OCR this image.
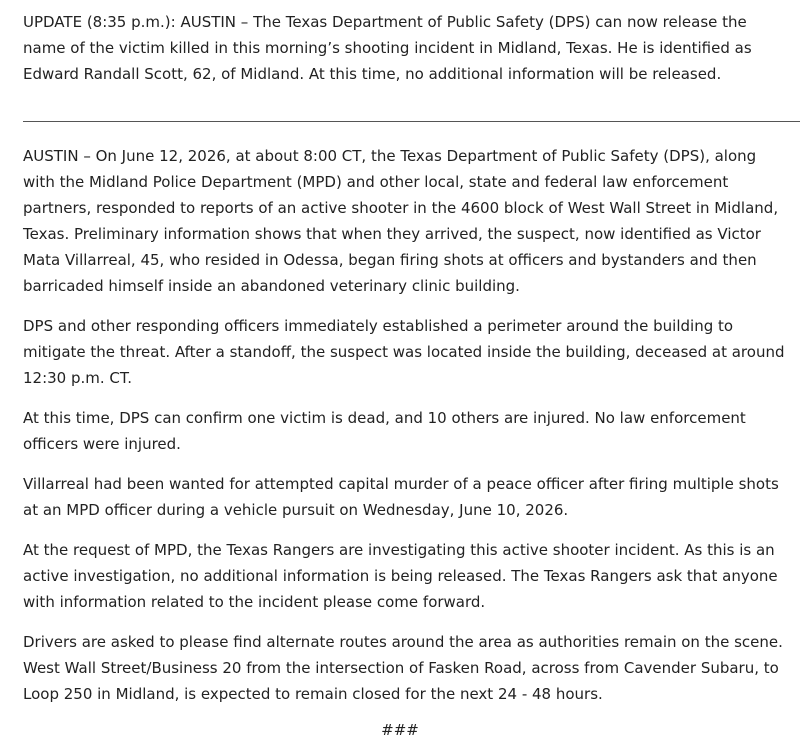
UPDATE (8:35 p.m.): AUSTIN – The Texas Department of Public Safety (DPS) can now release the name of the victim killed in this morning’s shooting incident in Midland, Texas. He is identified as Edward Randall Scott, 62, of Midland. At this time, no additional information will be released.

AUSTIN – On June 12, 2026, at about 8:00 CT, the Texas Department of Public Safety (DPS), along with the Midland Police Department (MPD) and other local, state and federal law enforcement partners, responded to reports of an active shooter in the 4600 block of West Wall Street in Midland, Texas. Preliminary information shows that when they arrived, the suspect, now identified as Victor Mata Villarreal, 45, who resided in Odessa, began firing shots at officers and bystanders and then barricaded himself inside an abandoned veterinary clinic building.

DPS and other responding officers immediately established a perimeter around the building to mitigate the threat. After a standoff, the suspect was located inside the building, deceased at around 12:30 p.m. CT.

At this time, DPS can confirm one victim is dead, and 10 others are injured. No law enforcement officers were injured.

Villarreal had been wanted for attempted capital murder of a peace officer after firing multiple shots at an MPD officer during a vehicle pursuit on Wednesday, June 10, 2026.

At the request of MPD, the Texas Rangers are investigating this active shooter incident. As this is an active investigation, no additional information is being released. The Texas Rangers ask that anyone with information related to the incident please come forward.

Drivers are asked to please find alternate routes around the area as authorities remain on the scene. West Wall Street/Business 20 from the intersection of Fasken Road, across from Cavender Subaru, to Loop 250 in Midland, is expected to remain closed for the next 24 - 48 hours.

###
